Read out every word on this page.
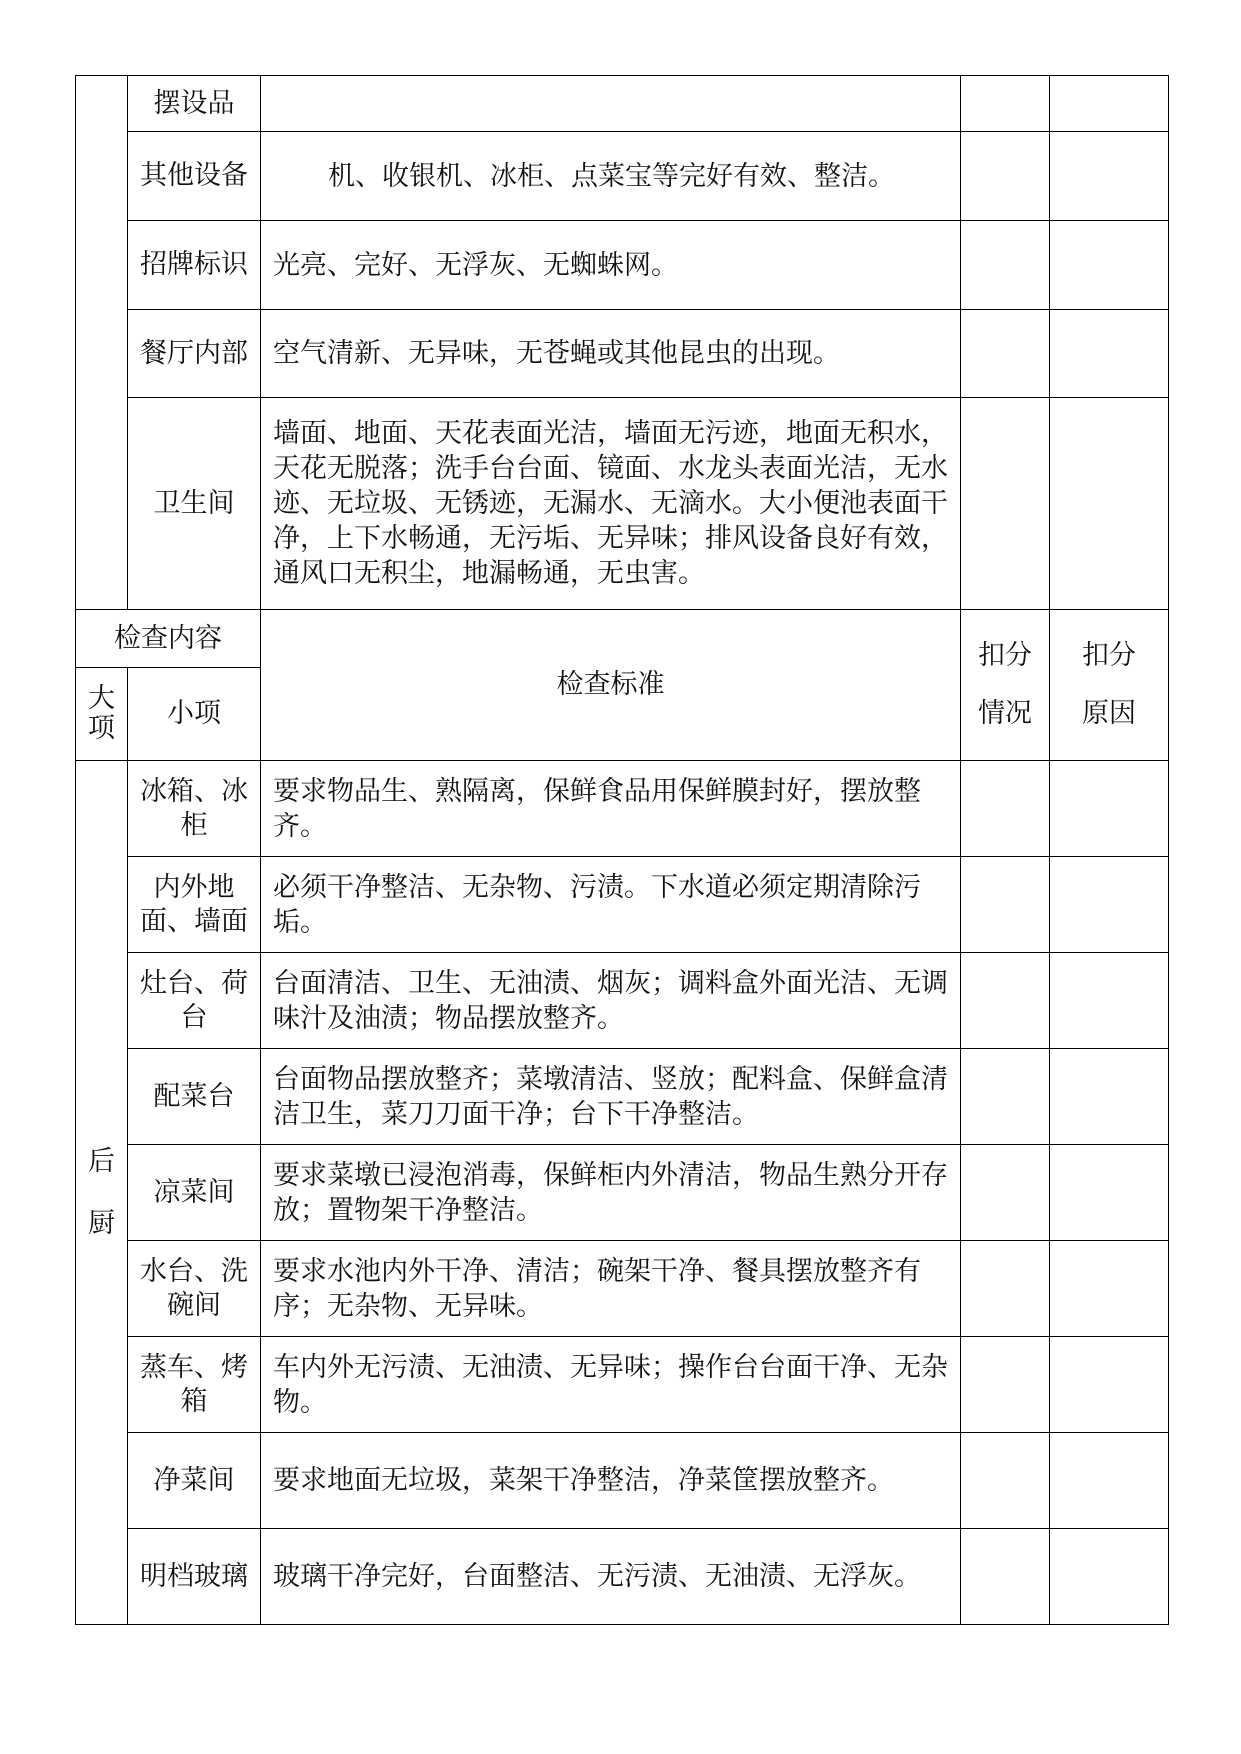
	摆设品			
	其他设备	机、收银机、冰柜、点菜宝等完好有效、整洁。		
	招牌标识	光亮、完好、无浮灰、无蜘蛛网。		
	餐厅内部	空气清新、无异味，无苍蝇或其他昆虫的出现。		
	卫生间	墙面、地面、天花表面光洁，墙面无污迹，地面无积水，天花无脱落；洗手台台面、镜面、水龙头表面光洁，无水迹、无垃圾、无锈迹，无漏水、无滴水。大小便池表面干净，上下水畅通，无污垢、无异味；排风设备良好有效，通风口无积尘，地漏畅通，无虫害。		
检查内容		检查标准	扣分情况	扣分原因
大项	小项			
后厨	冰箱、冰柜	要求物品生、熟隔离，保鲜食品用保鲜膜封好，摆放整齐。		
	内外地面、墙面	必须干净整洁、无杂物、污渍。下水道必须定期清除污垢。		
	灶台、荷台	台面清洁、卫生、无油渍、烟灰；调料盒外面光洁、无调味汁及油渍；物品摆放整齐。		
	配菜台	台面物品摆放整齐；菜墩清洁、竖放；配料盒、保鲜盒清洁卫生，菜刀刀面干净；台下干净整洁。		
	凉菜间	要求菜墩已浸泡消毒，保鲜柜内外清洁，物品生熟分开存放；置物架干净整洁。		
	水台、洗碗间	要求水池内外干净、清洁；碗架干净、餐具摆放整齐有序；无杂物、无异味。		
	蒸车、烤箱	车内外无污渍、无油渍、无异味；操作台台面干净、无杂物。		
	净菜间	要求地面无垃圾，菜架干净整洁，净菜筐摆放整齐。		
	明档玻璃	玻璃干净完好，台面整洁、无污渍、无油渍、无浮灰。		
